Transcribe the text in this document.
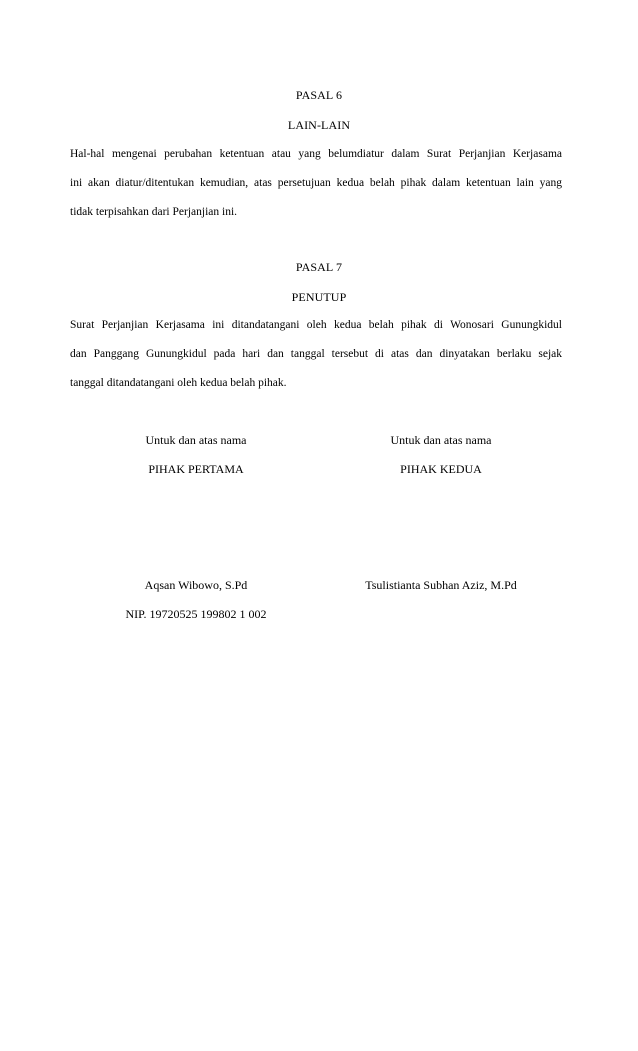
PASAL 6
LAIN-LAIN
Hal-hal mengenai perubahan ketentuan atau yang belumdiatur dalam Surat Perjanjian Kerjasama
ini akan diatur/ditentukan kemudian, atas persetujuan kedua belah pihak dalam ketentuan lain yang
tidak terpisahkan dari Perjanjian ini.
PASAL 7
PENUTUP
Surat Perjanjian Kerjasama ini ditandatangani oleh kedua belah pihak di Wonosari Gunungkidul
dan Panggang Gunungkidul pada hari dan tanggal tersebut di atas dan dinyatakan berlaku sejak
tanggal ditandatangani oleh kedua belah pihak.
Untuk dan atas nama
PIHAK PERTAMA
Aqsan Wibowo, S.Pd
NIP. 19720525 199802 1 002
Untuk dan atas nama
PIHAK KEDUA
Tsulistianta Subhan Aziz, M.Pd
